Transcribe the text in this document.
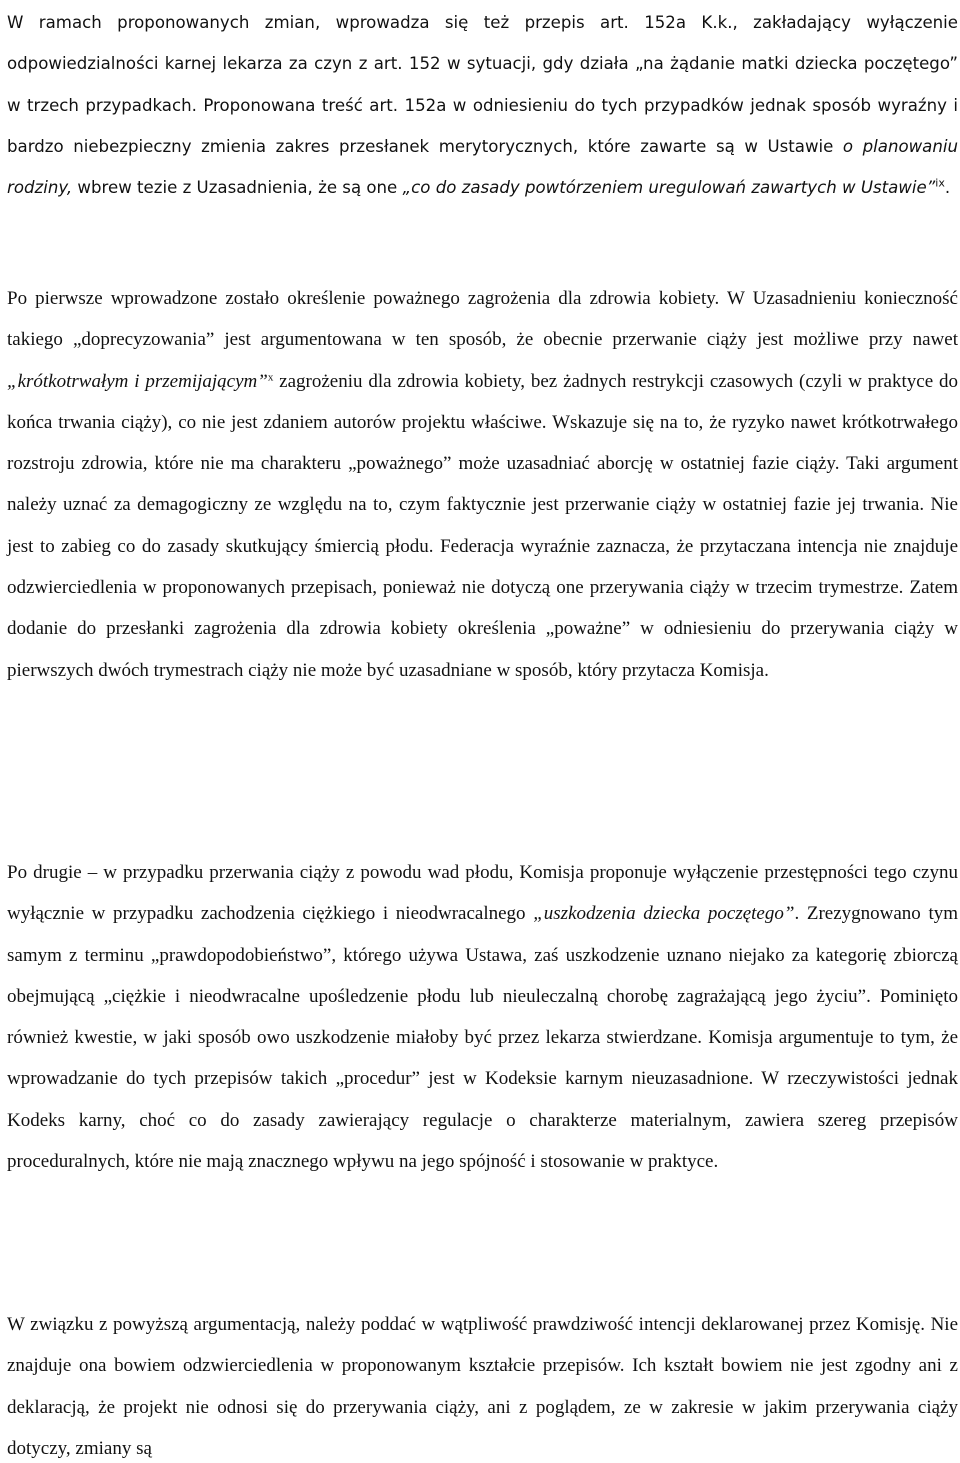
W ramach proponowanych zmian, wprowadza się też przepis art. 152a K.k., zakładający wyłączenie odpowiedzialności karnej lekarza za czyn z art. 152 w sytuacji, gdy działa „na żądanie matki dziecka poczętego” w trzech przypadkach. Proponowana treść art. 152a w odniesieniu do tych przypadków jednak sposób wyraźny i bardzo niebezpieczny zmienia zakres przesłanek merytorycznych, które zawarte są w Ustawie o planowaniu rodziny, wbrew tezie z Uzasadnienia, że są one „co do zasady powtórzeniem uregulowań zawartych w Ustawie”$^{ix}$.

Po pierwsze wprowadzone zostało określenie poważnego zagrożenia dla zdrowia kobiety. W Uzasadnieniu konieczność takiego „doprecyzowania” jest argumentowana w ten sposób, że obecnie przerwanie ciąży jest możliwe przy nawet „krótkotrwałym i przemijającym”$^x$ zagrożeniu dla zdrowia kobiety, bez żadnych restrykcji czasowych (czyli w praktyce do końca trwania ciąży), co nie jest zdaniem autorów projektu właściwe. Wskazuje się na to, że ryzyko nawet krótkotrwałego rozstroju zdrowia, które nie ma charakteru „poważnego” może uzasadniać aborcję w ostatniej fazie ciąży. Taki argument należy uznać za demagogiczny ze względu na to, czym faktycznie jest przerwanie ciąży w ostatniej fazie jej trwania. Nie jest to zabieg co do zasady skutkujący śmiercią płodu. Federacja wyraźnie zaznacza, że przytaczana intencja nie znajduje odzwierciedlenia w proponowanych przepisach, ponieważ nie dotyczą one przerywania ciąży w trzecim trymestrze. Zatem dodanie do przesłanki zagrożenia dla zdrowia kobiety określenia „poważne” w odniesieniu do przerywania ciąży w pierwszych dwóch trymestrach ciąży nie może być uzasadniane w sposób, który przytacza Komisja.

Po drugie – w przypadku przerwania ciąży z powodu wad płodu, Komisja proponuje wyłączenie przestępności tego czynu wyłącznie w przypadku zachodzenia ciężkiego i nieodwracalnego „uszkodzenia dziecka poczętego”. Zrezygnowano tym samym z terminu „prawdopodobieństwo”, którego używa Ustawa, zaś uszkodzenie uznano niejako za kategorię zbiorczą obejmującą „ciężkie i nieodwracalne upośledzenie płodu lub nieuleczalną chorobę zagrażającą jego życiu”. Pominięto również kwestie, w jaki sposób owo uszkodzenie miałoby być przez lekarza stwierdzane. Komisja argumentuje to tym, że wprowadzanie do tych przepisów takich „procedur” jest w Kodeksie karnym nieuzasadnione. W rzeczywistości jednak Kodeks karny, choć co do zasady zawierający regulacje o charakterze materialnym, zawiera szereg przepisów proceduralnych, które nie mają znacznego wpływu na jego spójność i stosowanie w praktyce.

W związku z powyższą argumentacją, należy poddać w wątpliwość prawdziwość intencji deklarowanej przez Komisję. Nie znajduje ona bowiem odzwierciedlenia w proponowanym kształcie przepisów. Ich kształt bowiem nie jest zgodny ani z deklaracją, że projekt nie odnosi się do przerywania ciąży, ani z poglądem, ze w zakresie w jakim przerywania ciąży dotyczy, zmiany są
